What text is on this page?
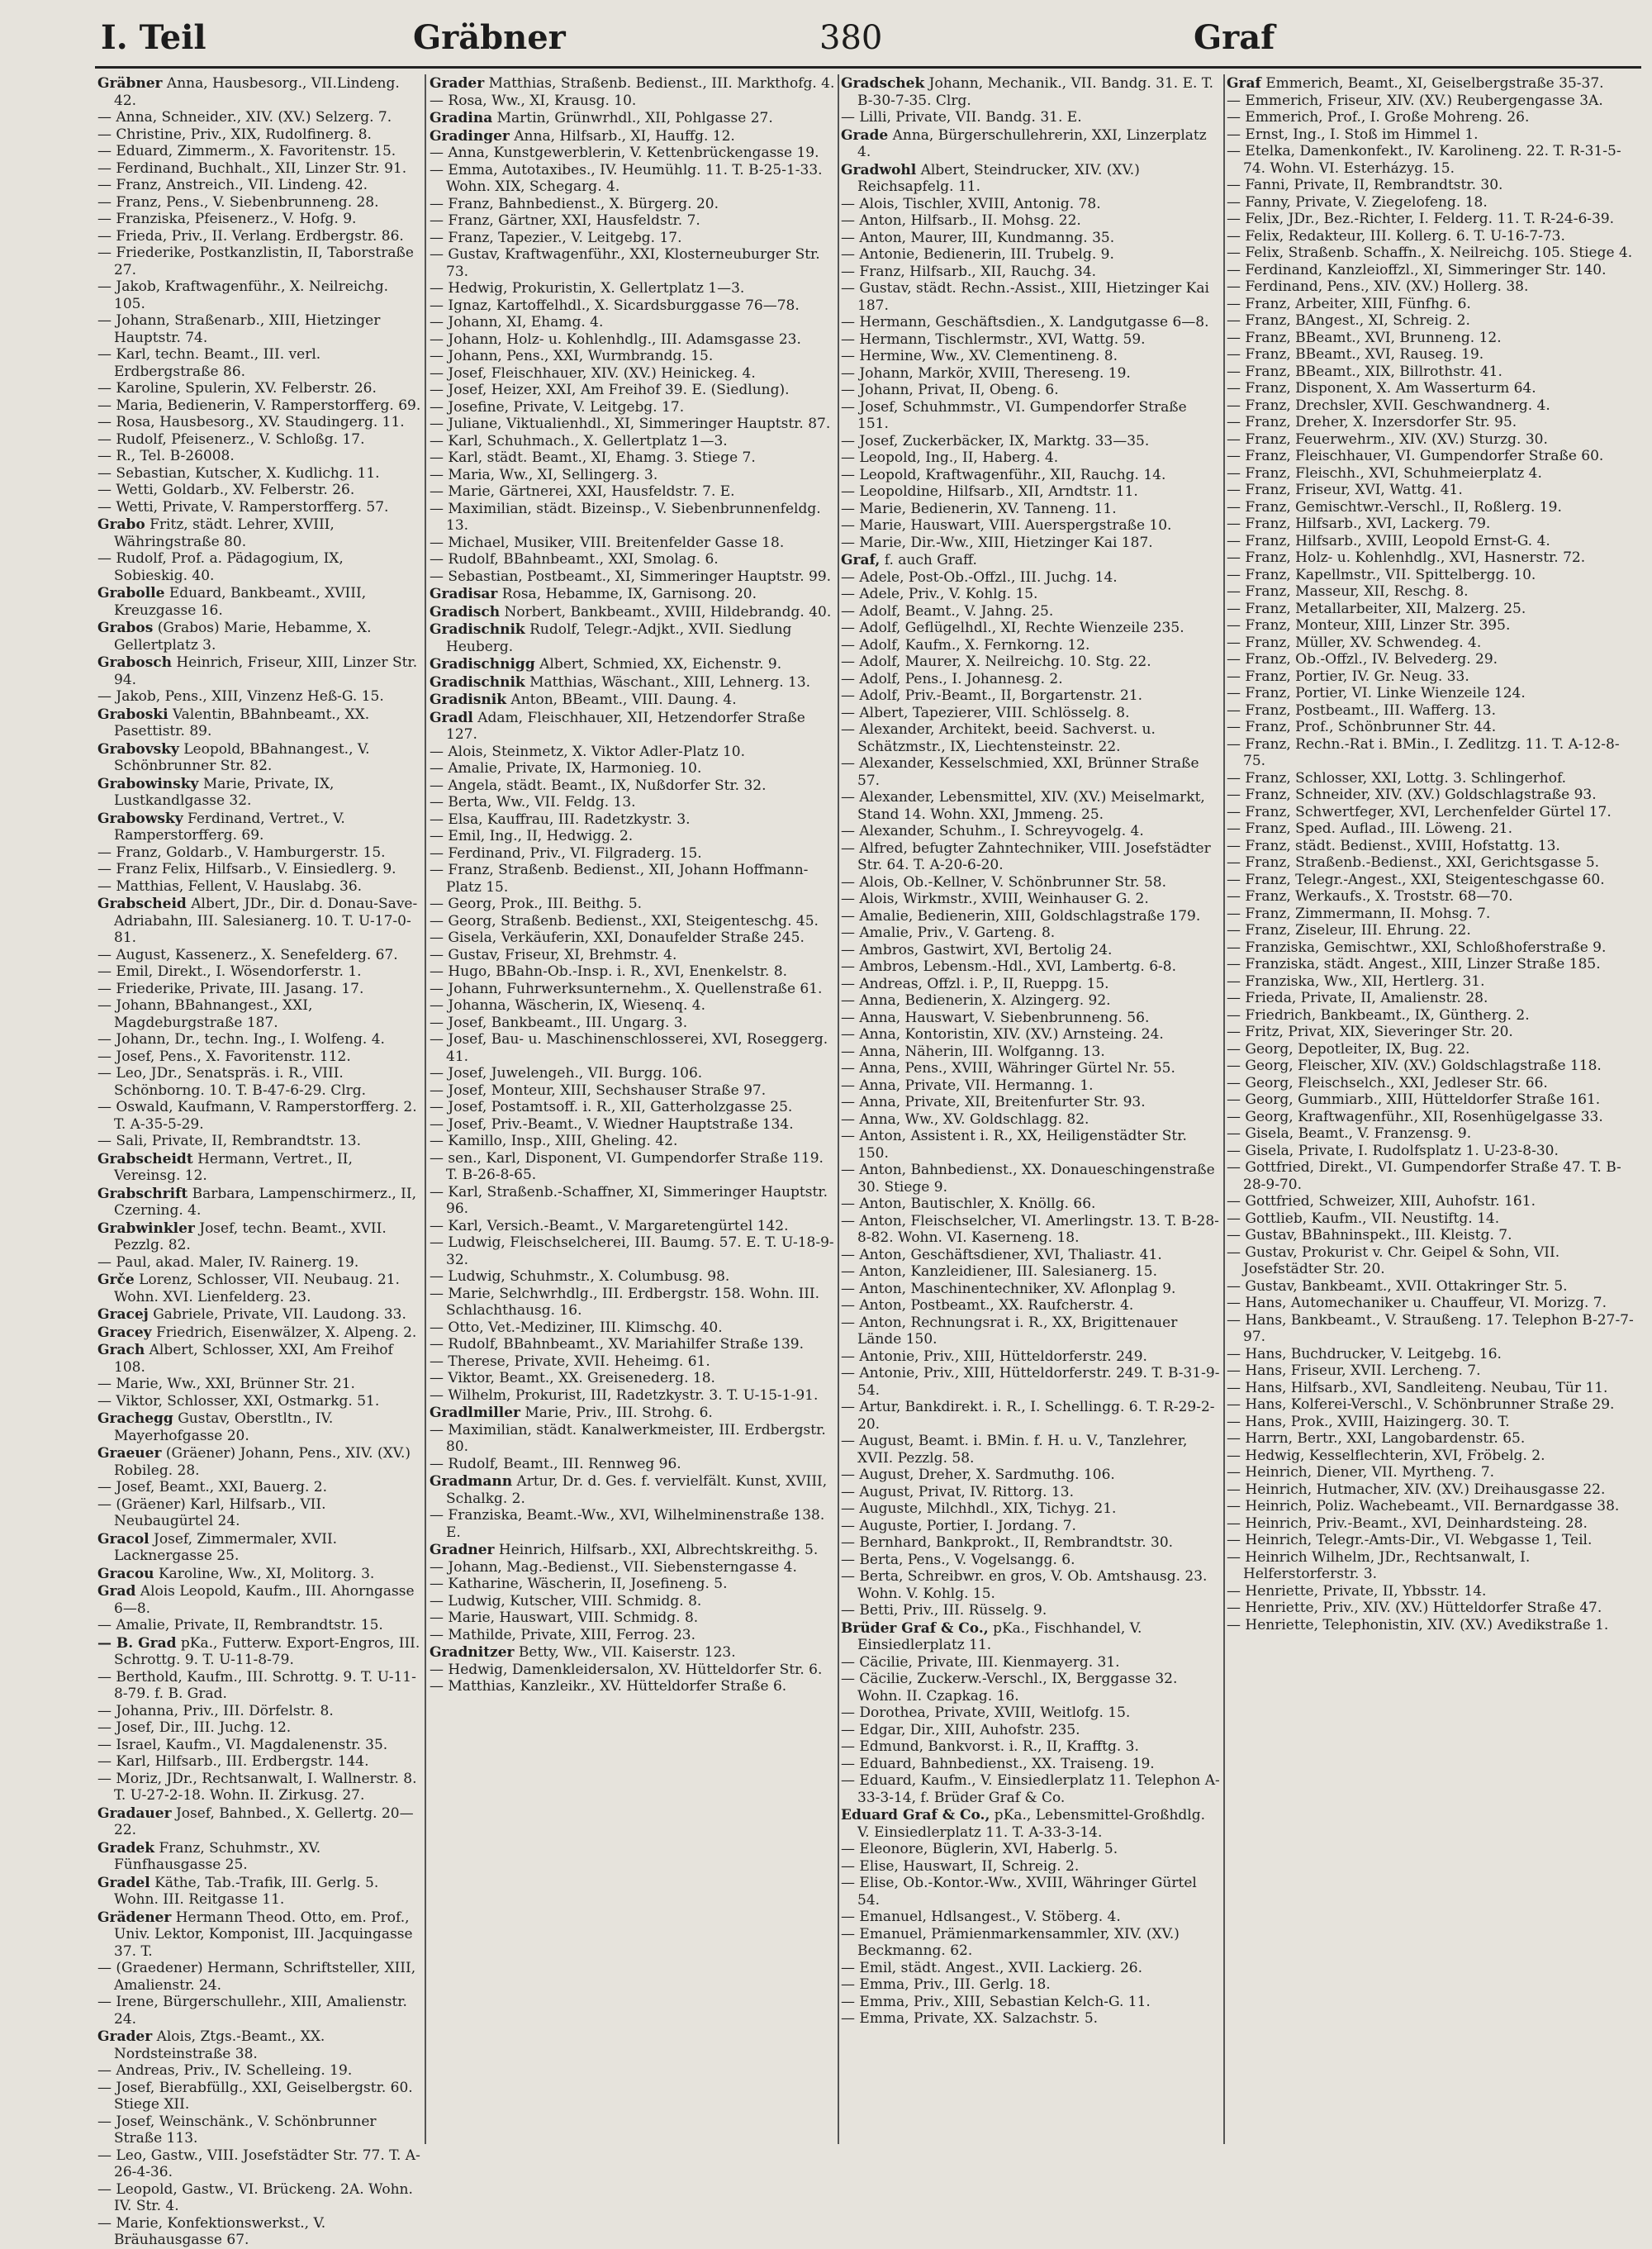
I. Teil	Gräbner	380	Graf

Gräbner Anna, Hausbesorg., VII.Lindeng. 42.

— Anna, Schneider., XIV. (XV.) Selzerg. 7.

— Christine, Priv., XIX, Rudolfinerg. 8.

— Eduard, Zimmerm., X. Favoritenstr. 15.

— Ferdinand, Buchhalt., XII, Linzer Str. 91.

— Franz, Anstreich., VII. Lindeng. 42.

— Franz, Pens., V. Siebenbrunneng. 28.

— Franziska, Pfeisenerz., V. Hofg. 9.

— Frieda, Priv., II. Verlang. Erdbergstr. 86.

— Friederike, Postkanzlistin, II, Taborstraße 27.

— Jakob, Kraftwagenführ., X. Neilreichg. 105.

— Johann, Straßenarb., XIII, Hietzinger Hauptstr. 74.

— Karl, techn. Beamt., III. verl. Erdbergstraße 86.

— Karoline, Spulerin, XV. Felberstr. 26.

— Maria, Bedienerin, V. Ramperstorfferg. 69.

— Rosa, Hausbesorg., XV. Staudingerg. 11.

— Rudolf, Pfeisenerz., V. Schloßg. 17.

— R., Tel. B-26008.

— Sebastian, Kutscher, X. Kudlichg. 11.

— Wetti, Goldarb., XV. Felberstr. 26.

— Wetti, Private, V. Ramperstorfferg. 57.

Grabo Fritz, städt. Lehrer, XVIII, Währingstraße 80.

— Rudolf, Prof. a. Pädagogium, IX, Sobieskig. 40.

Grabolle Eduard, Bankbeamt., XVIII, Kreuzgasse 16.

Grabos (Grabos) Marie, Hebamme, X. Gellertplatz 3.

Grabosch Heinrich, Friseur, XIII, Linzer Str. 94.

— Jakob, Pens., XIII, Vinzenz Heß-G. 15.

Graboski Valentin, BBahnbeamt., XX. Pasettistr. 89.

Grabovsky Leopold, BBahnangest., V. Schönbrunner Str. 82.

Grabowinsky Marie, Private, IX, Lustkandlgasse 32.

Grabowsky Ferdinand, Vertret., V. Ramperstorfferg. 69.

— Franz, Goldarb., V. Hamburgerstr. 15.

— Franz Felix, Hilfsarb., V. Einsiedlerg. 9.

— Matthias, Fellent, V. Hauslabg. 36.

Grabscheid Albert, JDr., Dir. d. Donau-Save-Adriabahn, III. Salesianerg. 10. T. U-17-0-81.

— August, Kassenerz., X. Senefelderg. 67.

— Emil, Direkt., I. Wösendorferstr. 1.

— Friederike, Private, III. Jasang. 17.

— Johann, BBahnangest., XXI, Magdeburgstraße 187.

— Johann, Dr., techn. Ing., I. Wolfeng. 4.

— Josef, Pens., X. Favoritenstr. 112.

— Leo, JDr., Senatspräs. i. R., VIII. Schönborng. 10. T. B-47-6-29. Clrg.

— Oswald, Kaufmann, V. Ramperstorfferg. 2. T. A-35-5-29.

— Sali, Private, II, Rembrandtstr. 13.

Grabscheidt Hermann, Vertret., II, Vereinsg. 12.

Grabschrift Barbara, Lampenschirmerz., II, Czerning. 4.

Grabwinkler Josef, techn. Beamt., XVII. Pezzlg. 82.

— Paul, akad. Maler, IV. Rainerg. 19.

Grče Lorenz, Schlosser, VII. Neubaug. 21. Wohn. XVI. Lienfelderg. 23.

Gracej Gabriele, Private, VII. Laudong. 33.

Gracey Friedrich, Eisenwälzer, X. Alpeng. 2.

Grach Albert, Schlosser, XXI, Am Freihof 108.

— Marie, Ww., XXI, Brünner Str. 21.

— Viktor, Schlosser, XXI, Ostmarkg. 51.

Grachegg Gustav, Oberstltn., IV. Mayerhofgasse 20.

Graeuer (Gräener) Johann, Pens., XIV. (XV.) Robileg. 28.

— Josef, Beamt., XXI, Bauerg. 2.

— (Gräener) Karl, Hilfsarb., VII. Neubaugürtel 24.

Gracol Josef, Zimmermaler, XVII. Lacknergasse 25.

Gracou Karoline, Ww., XI, Molitorg. 3.

Grad Alois Leopold, Kaufm., III. Ahorngasse 6—8.

— Amalie, Private, II, Rembrandtstr. 15.

— B. Grad pKa., Futterw. Export-Engros, III. Schrottg. 9. T. U-11-8-79.

— Berthold, Kaufm., III. Schrottg. 9. T. U-11-8-79. f. B. Grad.

— Johanna, Priv., III. Dörfelstr. 8.

— Josef, Dir., III. Juchg. 12.

— Israel, Kaufm., VI. Magdalenenstr. 35.

— Karl, Hilfsarb., III. Erdbergstr. 144.

— Moriz, JDr., Rechtsanwalt, I. Wallnerstr. 8. T. U-27-2-18. Wohn. II. Zirkusg. 27.

Gradauer Josef, Bahnbed., X. Gellertg. 20—22.

Gradek Franz, Schuhmstr., XV. Fünfhausgasse 25.

Gradel Käthe, Tab.-Trafik, III. Gerlg. 5. Wohn. III. Reitgasse 11.

Grädener Hermann Theod. Otto, em. Prof., Univ. Lektor, Komponist, III. Jacquingasse 37. T.

— (Graedener) Hermann, Schriftsteller, XIII, Amalienstr. 24.

— Irene, Bürgerschullehr., XIII, Amalienstr. 24.

Grader Alois, Ztgs.-Beamt., XX. Nordsteinstraße 38.

— Andreas, Priv., IV. Schelleing. 19.

— Josef, Bierabfüllg., XXI, Geiselbergstr. 60. Stiege XII.

— Josef, Weinschänk., V. Schönbrunner Straße 113.

— Leo, Gastw., VIII. Josefstädter Str. 77. T. A-26-4-36.

— Leopold, Gastw., VI. Brückeng. 2A. Wohn. IV. Str. 4.

— Marie, Konfektionswerkst., V. Bräuhausgasse 67.

Grader Matthias, Straßenb. Bedienst., III. Markthofg. 4.

— Rosa, Ww., XI, Krausg. 10.

Gradina Martin, Grünwrhdl., XII, Pohlgasse 27.

Gradinger Anna, Hilfsarb., XI, Hauffg. 12.

— Anna, Kunstgewerblerin, V. Kettenbrückengasse 19.

— Emma, Autotaxibes., IV. Heumühlg. 11. T. B-25-1-33. Wohn. XIX, Schegarg. 4.

— Franz, Bahnbedienst., X. Bürgerg. 20.

— Franz, Gärtner, XXI, Hausfeldstr. 7.

— Franz, Tapezier., V. Leitgebg. 17.

— Gustav, Kraftwagenführ., XXI, Klosterneuburger Str. 73.

— Hedwig, Prokuristin, X. Gellertplatz 1—3.

— Ignaz, Kartoffelhdl., X. Sicardsburggasse 76—78.

— Johann, XI, Ehamg. 4.

— Johann, Holz- u. Kohlenhdlg., III. Adamsgasse 23.

— Johann, Pens., XXI, Wurmbrandg. 15.

— Josef, Fleischhauer, XIV. (XV.) Heinickeg. 4.

— Josef, Heizer, XXI, Am Freihof 39. E. (Siedlung).

— Josefine, Private, V. Leitgebg. 17.

— Juliane, Viktualienhdl., XI, Simmeringer Hauptstr. 87.

— Karl, Schuhmach., X. Gellertplatz 1—3.

— Karl, städt. Beamt., XI, Ehamg. 3. Stiege 7.

— Maria, Ww., XI, Sellingerg. 3.

— Marie, Gärtnerei, XXI, Hausfeldstr. 7. E.

— Maximilian, städt. Bizeinsp., V. Siebenbrunnenfeldg. 13.

— Michael, Musiker, VIII. Breitenfelder Gasse 18.

— Rudolf, BBahnbeamt., XXI, Smolag. 6.

— Sebastian, Postbeamt., XI, Simmeringer Hauptstr. 99.

Gradisar Rosa, Hebamme, IX, Garnisong. 20.

Gradisch Norbert, Bankbeamt., XVIII, Hildebrandg. 40.

Gradischnik Rudolf, Telegr.-Adjkt., XVII. Siedlung Heuberg.

Gradischnigg Albert, Schmied, XX, Eichenstr. 9.

Gradischnik Matthias, Wäschant., XIII, Lehnerg. 13.

Gradisnik Anton, BBeamt., VIII. Daung. 4.

Gradl Adam, Fleischhauer, XII, Hetzendorfer Straße 127.

— Alois, Steinmetz, X. Viktor Adler-Platz 10.

— Amalie, Private, IX, Harmonieg. 10.

— Angela, städt. Beamt., IX, Nußdorfer Str. 32.

— Berta, Ww., VII. Feldg. 13.

— Elsa, Kauffrau, III. Radetzkystr. 3.

— Emil, Ing., II, Hedwigg. 2.

— Ferdinand, Priv., VI. Filgraderg. 15.

— Franz, Straßenb. Bedienst., XII, Johann Hoffmann-Platz 15.

— Georg, Prok., III. Beithg. 5.

— Georg, Straßenb. Bedienst., XXI, Steigenteschg. 45.

— Gisela, Verkäuferin, XXI, Donaufelder Straße 245.

— Gustav, Friseur, XI, Brehmstr. 4.

— Hugo, BBahn-Ob.-Insp. i. R., XVI, Enenkelstr. 8.

— Johann, Fuhrwerksunternehm., X. Quellenstraße 61.

— Johanna, Wäscherin, IX, Wiesenq. 4.

— Josef, Bankbeamt., III. Ungarg. 3.

— Josef, Bau- u. Maschinenschlosserei, XVI, Roseggerg. 41.

— Josef, Juwelengeh., VII. Burgg. 106.

— Josef, Monteur, XIII, Sechshauser Straße 97.

— Josef, Postamtsoff. i. R., XII, Gatterholzgasse 25.

— Josef, Priv.-Beamt., V. Wiedner Hauptstraße 134.

— Kamillo, Insp., XIII, Gheling. 42.

— sen., Karl, Disponent, VI. Gumpendorfer Straße 119. T. B-26-8-65.

— Karl, Straßenb.-Schaffner, XI, Simmeringer Hauptstr. 96.

— Karl, Versich.-Beamt., V. Margaretengürtel 142.

— Ludwig, Fleischselcherei, III. Baumg. 57. E. T. U-18-9-32.

— Ludwig, Schuhmstr., X. Columbusg. 98.

— Marie, Selchwrhdlg., III. Erdbergstr. 158. Wohn. III. Schlachthausg. 16.

— Otto, Vet.-Mediziner, III. Klimschg. 40.

— Rudolf, BBahnbeamt., XV. Mariahilfer Straße 139.

— Therese, Private, XVII. Heheimg. 61.

— Viktor, Beamt., XX. Greisenederg. 18.

— Wilhelm, Prokurist, III, Radetzkystr. 3. T. U-15-1-91.

Gradlmiller Marie, Priv., III. Strohg. 6.

— Maximilian, städt. Kanalwerkmeister, III. Erdbergstr. 80.

— Rudolf, Beamt., III. Rennweg 96.

Gradmann Artur, Dr. d. Ges. f. vervielfält. Kunst, XVIII, Schalkg. 2.

— Franziska, Beamt.-Ww., XVI, Wilhelminenstraße 138. E.

Gradner Heinrich, Hilfsarb., XXI, Albrechtskreithg. 5.

— Johann, Mag.-Bedienst., VII. Siebensterngasse 4.

— Katharine, Wäscherin, II, Josefineng. 5.

— Ludwig, Kutscher, VIII. Schmidg. 8.

— Marie, Hauswart, VIII. Schmidg. 8.

— Mathilde, Private, XIII, Ferrog. 23.

Gradnitzer Betty, Ww., VII. Kaiserstr. 123.

— Hedwig, Damenkleidersalon, XV. Hütteldorfer Str. 6.

— Matthias, Kanzleikr., XV. Hütteldorfer Straße 6.

Gradschek Johann, Mechanik., VII. Bandg. 31. E. T. B-30-7-35. Clrg.

— Lilli, Private, VII. Bandg. 31. E.

Grade Anna, Bürgerschullehrerin, XXI, Linzerplatz 4.

Gradwohl Albert, Steindrucker, XIV. (XV.) Reichsapfelg. 11.

— Alois, Tischler, XVIII, Antonig. 78.

— Anton, Hilfsarb., II. Mohsg. 22.

— Anton, Maurer, III, Kundmanng. 35.

— Antonie, Bedienerin, III. Trubelg. 9.

— Franz, Hilfsarb., XII, Rauchg. 34.

— Gustav, städt. Rechn.-Assist., XIII, Hietzinger Kai 187.

— Hermann, Geschäftsdien., X. Landgutgasse 6—8.

— Hermann, Tischlermstr., XVI, Wattg. 59.

— Hermine, Ww., XV. Clementineng. 8.

— Johann, Markör, XVIII, Thereseng. 19.

— Johann, Privat, II, Obeng. 6.

— Josef, Schuhmmstr., VI. Gumpendorfer Straße 151.

— Josef, Zuckerbäcker, IX, Marktg. 33—35.

— Leopold, Ing., II, Haberg. 4.

— Leopold, Kraftwagenführ., XII, Rauchg. 14.

— Leopoldine, Hilfsarb., XII, Arndtstr. 11.

— Marie, Bedienerin, XV. Tanneng. 11.

— Marie, Hauswart, VIII. Auerspergstraße 10.

— Marie, Dir.-Ww., XIII, Hietzinger Kai 187.

Graf, f. auch Graff.

— Adele, Post-Ob.-Offzl., III. Juchg. 14.

— Adele, Priv., V. Kohlg. 15.

— Adolf, Beamt., V. Jahng. 25.

— Adolf, Geflügelhdl., XI, Rechte Wienzeile 235.

— Adolf, Kaufm., X. Fernkorng. 12.

— Adolf, Maurer, X. Neilreichg. 10. Stg. 22.

— Adolf, Pens., I. Johannesg. 2.

— Adolf, Priv.-Beamt., II, Borgartenstr. 21.

— Albert, Tapezierer, VIII. Schlösselg. 8.

— Alexander, Architekt, beeid. Sachverst. u. Schätzmstr., IX, Liechtensteinstr. 22.

— Alexander, Kesselschmied, XXI, Brünner Straße 57.

— Alexander, Lebensmittel, XIV. (XV.) Meiselmarkt, Stand 14. Wohn. XXI, Jmmeng. 25.

— Alexander, Schuhm., I. Schreyvogelg. 4.

— Alfred, befugter Zahntechniker, VIII. Josefstädter Str. 64. T. A-20-6-20.

— Alois, Ob.-Kellner, V. Schönbrunner Str. 58.

— Alois, Wirkmstr., XVIII, Weinhauser G. 2.

— Amalie, Bedienerin, XIII, Goldschlagstraße 179.

— Amalie, Priv., V. Garteng. 8.

— Ambros, Gastwirt, XVI, Bertolig 24.

— Ambros, Lebensm.-Hdl., XVI, Lambertg. 6-8.

— Andreas, Offzl. i. P., II, Rueppg. 15.

— Anna, Bedienerin, X. Alzingerg. 92.

— Anna, Hauswart, V. Siebenbrunneng. 56.

— Anna, Kontoristin, XIV. (XV.) Arnsteing. 24.

— Anna, Näherin, III. Wolfganng. 13.

— Anna, Pens., XVIII, Währinger Gürtel Nr. 55.

— Anna, Private, VII. Hermanng. 1.

— Anna, Private, XII, Breitenfurter Str. 93.

— Anna, Ww., XV. Goldschlagg. 82.

— Anton, Assistent i. R., XX, Heiligenstädter Str. 150.

— Anton, Bahnbedienst., XX. Donaueschingenstraße 30. Stiege 9.

— Anton, Bautischler, X. Knöllg. 66.

— Anton, Fleischselcher, VI. Amerlingstr. 13. T. B-28-8-82. Wohn. VI. Kaserneng. 18.

— Anton, Geschäftsdiener, XVI, Thaliastr. 41.

— Anton, Kanzleidiener, III. Salesianerg. 15.

— Anton, Maschinentechniker, XV. Aflonplag 9.

— Anton, Postbeamt., XX. Raufcherstr. 4.

— Anton, Rechnungsrat i. R., XX, Brigittenauer Lände 150.

— Antonie, Priv., XIII, Hütteldorferstr. 249.

— Antonie, Priv., XIII, Hütteldorferstr. 249. T. B-31-9-54.

— Artur, Bankdirekt. i. R., I. Schellingg. 6. T. R-29-2-20.

— August, Beamt. i. BMin. f. H. u. V., Tanzlehrer, XVII. Pezzlg. 58.

— August, Dreher, X. Sardmuthg. 106.

— August, Privat, IV. Rittorg. 13.

— Auguste, Milchhdl., XIX, Tichyg. 21.

— Auguste, Portier, I. Jordang. 7.

— Bernhard, Bankprokt., II, Rembrandtstr. 30.

— Berta, Pens., V. Vogelsangg. 6.

— Berta, Schreibwr. en gros, V. Ob. Amtshausg. 23. Wohn. V. Kohlg. 15.

— Betti, Priv., III. Rüsselg. 9.

Brüder Graf & Co., pKa., Fischhandel, V. Einsiedlerplatz 11.

— Cäcilie, Private, III. Kienmayerg. 31.

— Cäcilie, Zuckerw.-Verschl., IX, Berggasse 32. Wohn. II. Czapkag. 16.

— Dorothea, Private, XVIII, Weitlofg. 15.

— Edgar, Dir., XIII, Auhofstr. 235.

— Edmund, Bankvorst. i. R., II, Krafftg. 3.

— Eduard, Bahnbedienst., XX. Traiseng. 19.

— Eduard, Kaufm., V. Einsiedlerplatz 11. Telephon A-33-3-14, f. Brüder Graf & Co.

Eduard Graf & Co., pKa., Lebensmittel-Großhdlg. V. Einsiedlerplatz 11. T. A-33-3-14.

— Eleonore, Büglerin, XVI, Haberlg. 5.

— Elise, Hauswart, II, Schreig. 2.

— Elise, Ob.-Kontor.-Ww., XVIII, Währinger Gürtel 54.

— Emanuel, Hdlsangest., V. Stöberg. 4.

— Emanuel, Prämienmarkensammler, XIV. (XV.) Beckmanng. 62.

— Emil, städt. Angest., XVII. Lackierg. 26.

— Emma, Priv., III. Gerlg. 18.

— Emma, Priv., XIII, Sebastian Kelch-G. 11.

— Emma, Private, XX. Salzachstr. 5.

Graf Emmerich, Beamt., XI, Geiselbergstraße 35-37.

— Emmerich, Friseur, XIV. (XV.) Reubergengasse 3A.

— Emmerich, Prof., I. Große Mohreng. 26.

— Ernst, Ing., I. Stoß im Himmel 1.

— Etelka, Damenkonfekt., IV. Karolineng. 22. T. R-31-5-74. Wohn. VI. Esterházyg. 15.

— Fanni, Private, II, Rembrandtstr. 30.

— Fanny, Private, V. Ziegelofeng. 18.

— Felix, JDr., Bez.-Richter, I. Felderg. 11. T. R-24-6-39.

— Felix, Redakteur, III. Kollerg. 6. T. U-16-7-73.

— Felix, Straßenb. Schaffn., X. Neilreichg. 105. Stiege 4.

— Ferdinand, Kanzleioffzl., XI, Simmeringer Str. 140.

— Ferdinand, Pens., XIV. (XV.) Hollerg. 38.

— Franz, Arbeiter, XIII, Fünfhg. 6.

— Franz, BAngest., XI, Schreig. 2.

— Franz, BBeamt., XVI, Brunneng. 12.

— Franz, BBeamt., XVI, Rauseg. 19.

— Franz, BBeamt., XIX, Billrothstr. 41.

— Franz, Disponent, X. Am Wasserturm 64.

— Franz, Drechsler, XVII. Geschwandnerg. 4.

— Franz, Dreher, X. Inzersdorfer Str. 95.

— Franz, Feuerwehrm., XIV. (XV.) Sturzg. 30.

— Franz, Fleischhauer, VI. Gumpendorfer Straße 60.

— Franz, Fleischh., XVI, Schuhmeierplatz 4.

— Franz, Friseur, XVI, Wattg. 41.

— Franz, Gemischtwr.-Verschl., II, Roßlerg. 19.

— Franz, Hilfsarb., XVI, Lackerg. 79.

— Franz, Hilfsarb., XVIII, Leopold Ernst-G. 4.

— Franz, Holz- u. Kohlenhdlg., XVI, Hasnerstr. 72.

— Franz, Kapellmstr., VII. Spittelbergg. 10.

— Franz, Masseur, XII, Reschg. 8.

— Franz, Metallarbeiter, XII, Malzerg. 25.

— Franz, Monteur, XIII, Linzer Str. 395.

— Franz, Müller, XV. Schwendeg. 4.

— Franz, Ob.-Offzl., IV. Belvederg. 29.

— Franz, Portier, IV. Gr. Neug. 33.

— Franz, Portier, VI. Linke Wienzeile 124.

— Franz, Postbeamt., III. Wafferg. 13.

— Franz, Prof., Schönbrunner Str. 44.

— Franz, Rechn.-Rat i. BMin., I. Zedlitzg. 11. T. A-12-8-75.

— Franz, Schlosser, XXI, Lottg. 3. Schlingerhof.

— Franz, Schneider, XIV. (XV.) Goldschlagstraße 93.

— Franz, Schwertfeger, XVI, Lerchenfelder Gürtel 17.

— Franz, Sped. Auflad., III. Löweng. 21.

— Franz, städt. Bedienst., XVIII, Hofstattg. 13.

— Franz, Straßenb.-Bedienst., XXI, Gerichtsgasse 5.

— Franz, Telegr.-Angest., XXI, Steigenteschgasse 60.

— Franz, Werkaufs., X. Troststr. 68—70.

— Franz, Zimmermann, II. Mohsg. 7.

— Franz, Ziseleur, III. Ehrung. 22.

— Franziska, Gemischtwr., XXI, Schloßhoferstraße 9.

— Franziska, städt. Angest., XIII, Linzer Straße 185.

— Franziska, Ww., XII, Hertlerg. 31.

— Frieda, Private, II, Amalienstr. 28.

— Friedrich, Bankbeamt., IX, Güntherg. 2.

— Fritz, Privat, XIX, Sieveringer Str. 20.

— Georg, Depotleiter, IX, Bug. 22.

— Georg, Fleischer, XIV. (XV.) Goldschlagstraße 118.

— Georg, Fleischselch., XXI, Jedleser Str. 66.

— Georg, Gummiarb., XIII, Hütteldorfer Straße 161.

— Georg, Kraftwagenführ., XII, Rosenhügelgasse 33.

— Gisela, Beamt., V. Franzensg. 9.

— Gisela, Private, I. Rudolfsplatz 1. U-23-8-30.

— Gottfried, Direkt., VI. Gumpendorfer Straße 47. T. B-28-9-70.

— Gottfried, Schweizer, XIII, Auhofstr. 161.

— Gottlieb, Kaufm., VII. Neustiftg. 14.

— Gustav, BBahninspekt., III. Kleistg. 7.

— Gustav, Prokurist v. Chr. Geipel & Sohn, VII. Josefstädter Str. 20.

— Gustav, Bankbeamt., XVII. Ottakringer Str. 5.

— Hans, Automechaniker u. Chauffeur, VI. Morizg. 7.

— Hans, Bankbeamt., V. Straußeng. 17. Telephon B-27-7-97.

— Hans, Buchdrucker, V. Leitgebg. 16.

— Hans, Friseur, XVII. Lercheng. 7.

— Hans, Hilfsarb., XVI, Sandleiteng. Neubau, Tür 11.

— Hans, Kolferei-Verschl., V. Schönbrunner Straße 29.

— Hans, Prok., XVIII, Haizingerg. 30. T.

— Harrn, Bertr., XXI, Langobardenstr. 65.

— Hedwig, Kesselflechterin, XVI, Fröbelg. 2.

— Heinrich, Diener, VII. Myrtheng. 7.

— Heinrich, Hutmacher, XIV. (XV.) Dreihausgasse 22.

— Heinrich, Poliz. Wachebeamt., VII. Bernardgasse 38.

— Heinrich, Priv.-Beamt., XVI, Deinhardsteing. 28.

— Heinrich, Telegr.-Amts-Dir., VI. Webgasse 1, Teil.

— Heinrich Wilhelm, JDr., Rechtsanwalt, I. Helferstorferstr. 3.

— Henriette, Private, II, Ybbsstr. 14.

— Henriette, Priv., XIV. (XV.) Hütteldorfer Straße 47.

— Henriette, Telephonistin, XIV. (XV.) Avedikstraße 1.
